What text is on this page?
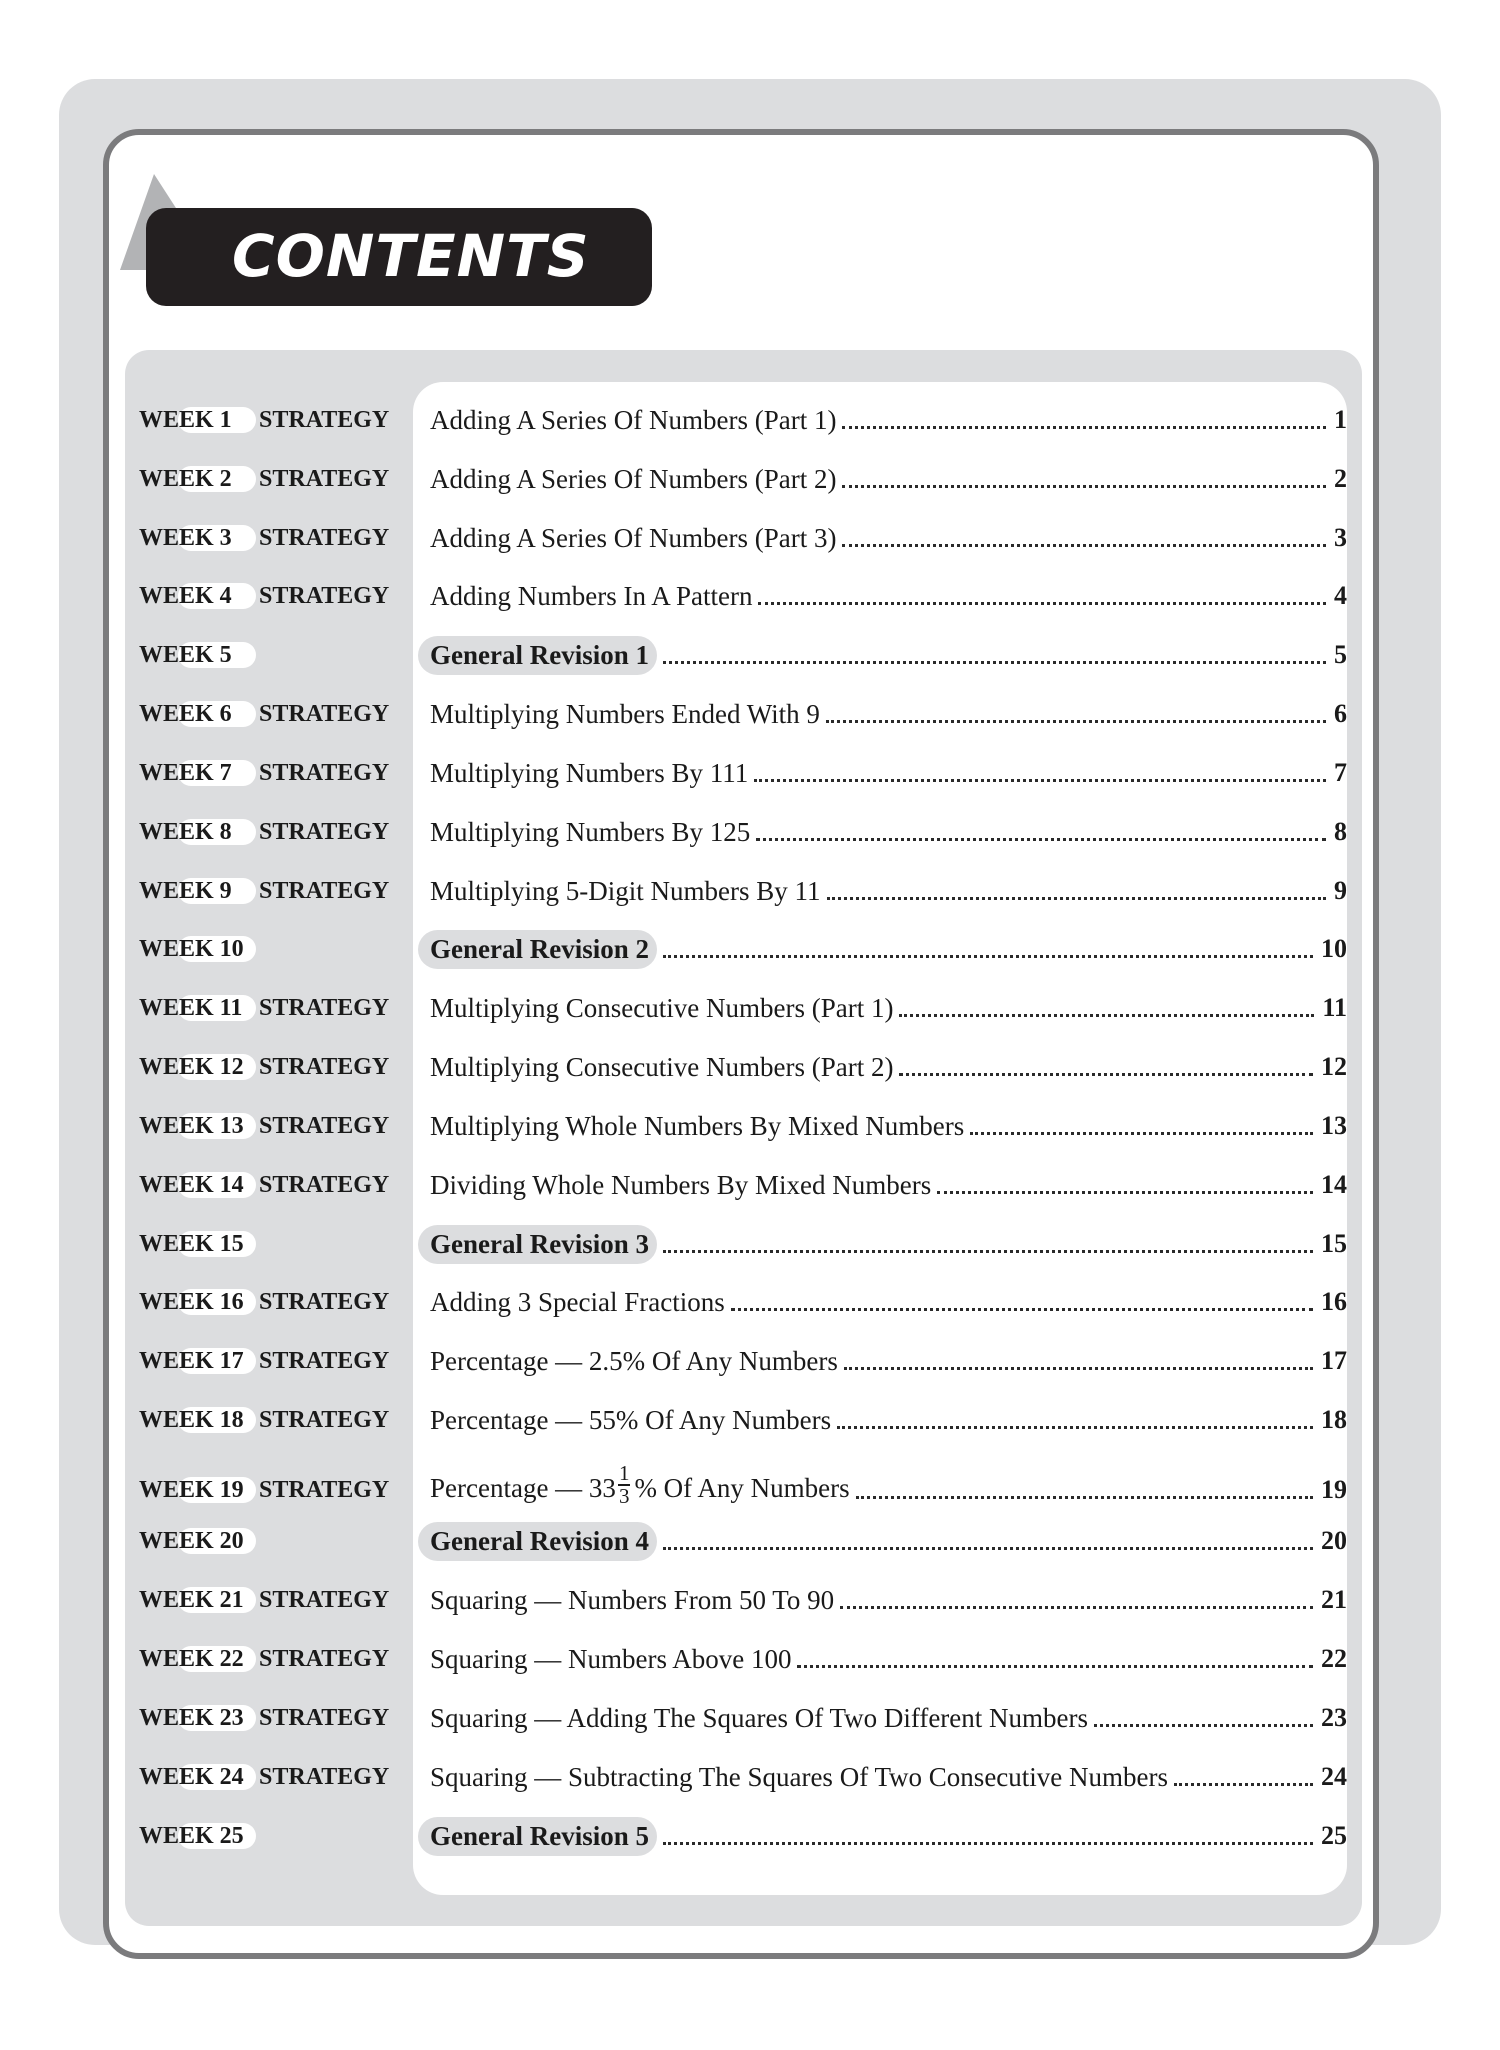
CONTENTS
WEEK 1 STRATEGY Adding A Series Of Numbers (Part 1)	1
WEEK 2 STRATEGY Adding A Series Of Numbers (Part 2)	2
WEEK 3 STRATEGY Adding A Series Of Numbers (Part 3)	3
WEEK 4 STRATEGY Adding Numbers In A Pattern	4
WEEK 5	General Revision 1	5
WEEK 6 STRATEGY Multiplying Numbers Ended With 9	6
WEEK 7 STRATEGY Multiplying Numbers By 111	7
WEEK 8 STRATEGY Multiplying Numbers By 125	8
WEEK 9 STRATEGY Multiplying 5-Digit Numbers By 11	9
WEEK 10	General Revision 2	10
WEEK 11 STRATEGY Multiplying Consecutive Numbers (Part 1)	11
WEEK 12 STRATEGY Multiplying Consecutive Numbers (Part 2)	12
WEEK 13 STRATEGY Multiplying Whole Numbers By Mixed Numbers	13
WEEK 14 STRATEGY Dividing Whole Numbers By Mixed Numbers	14
WEEK 15	General Revision 3	15
WEEK 16 STRATEGY Adding 3 Special Fractions	16
WEEK 17 STRATEGY Percentage — 2.5% Of Any Numbers	17
WEEK 18 STRATEGY Percentage — 55% Of Any Numbers	18
WEEK 19 STRATEGY Percentage — $33 \frac{1}{3}$ % Of Any Numbers	19
WEEK 20	General Revision 4	20
WEEK 21 STRATEGY Squaring — Numbers From 50 To 90	21
WEEK 22 STRATEGY Squaring — Numbers Above 100	22
WEEK 23 STRATEGY Squaring — Adding The Squares Of Two Different Numbers	23
WEEK 24 STRATEGY Squaring — Subtracting The Squares Of Two Consecutive Numbers	24
WEEK 25	General Revision 5	25
